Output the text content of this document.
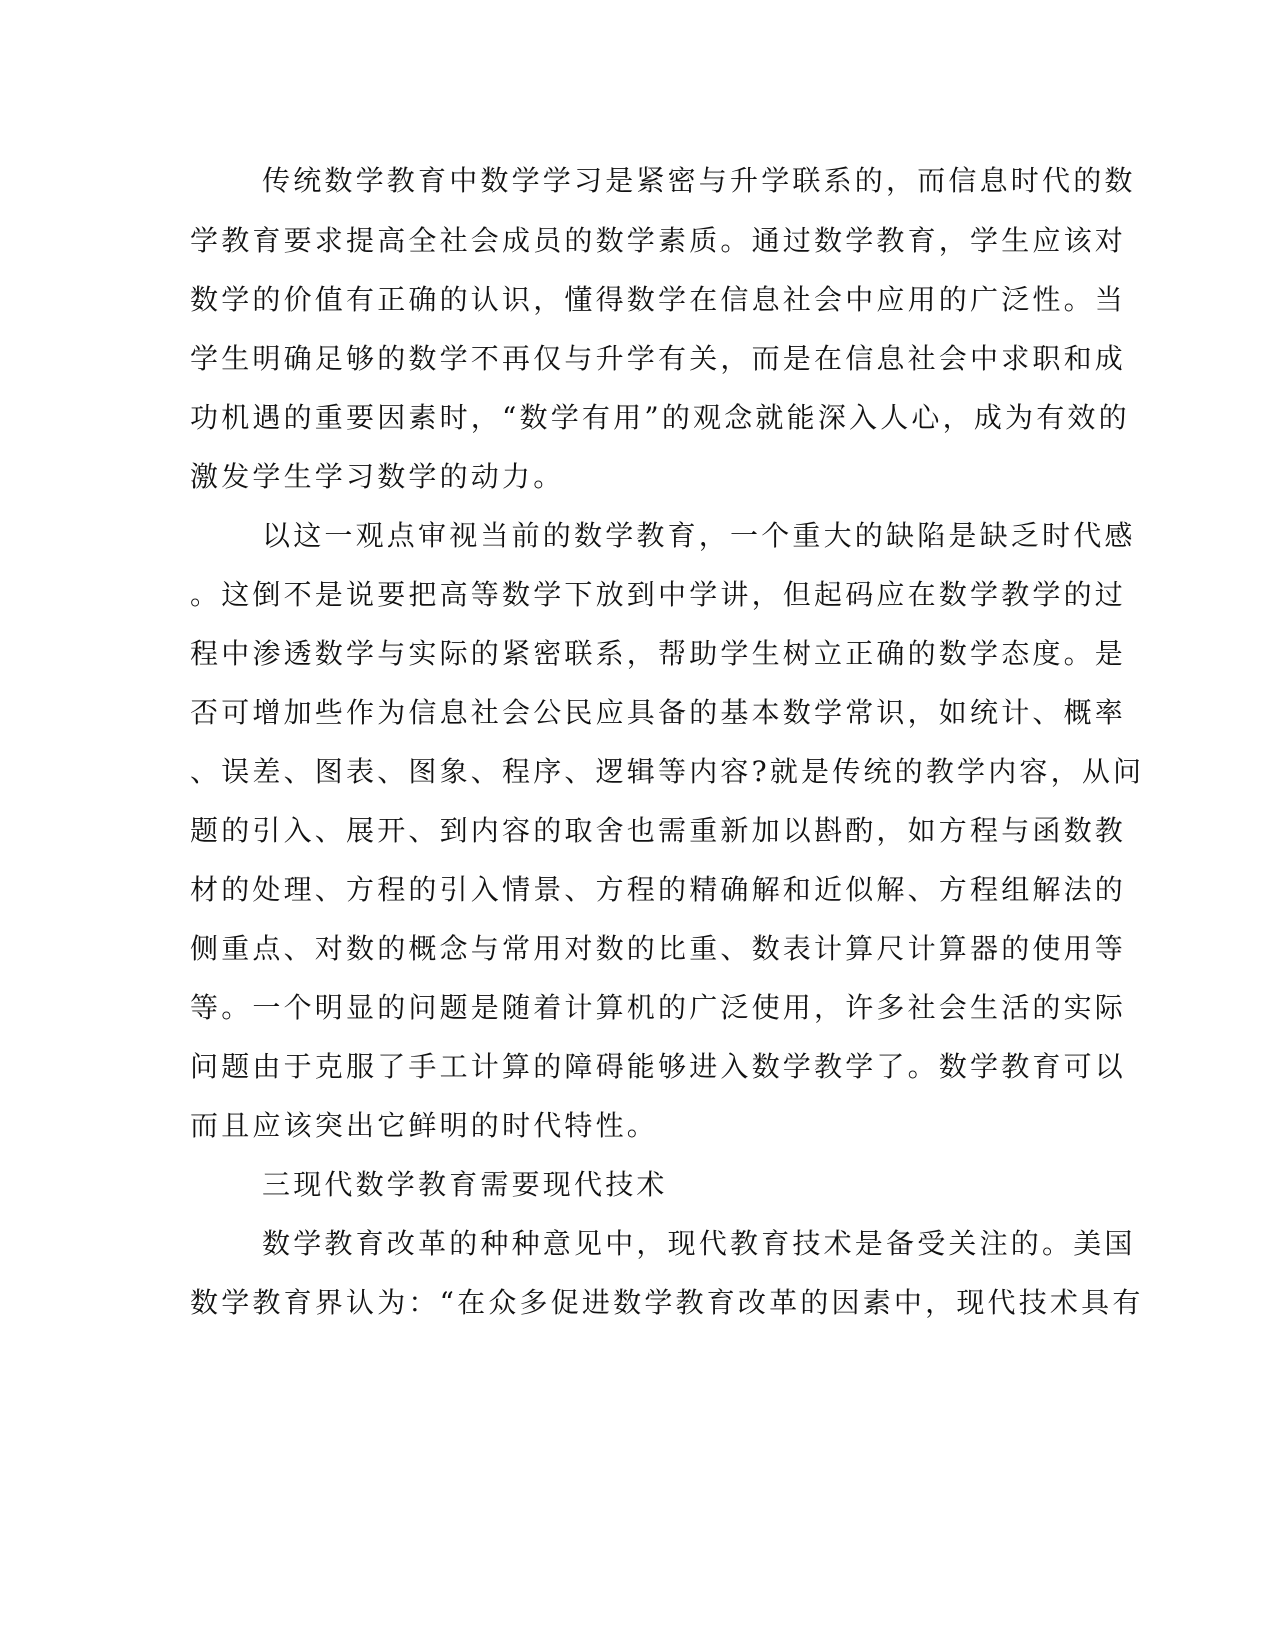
传统数学教育中数学学习是紧密与升学联系的，而信息时代的数
学教育要求提高全社会成员的数学素质。通过数学教育，学生应该对
数学的价值有正确的认识，懂得数学在信息社会中应用的广泛性。当
学生明确足够的数学不再仅与升学有关，而是在信息社会中求职和成
功机遇的重要因素时，“数学有用”的观念就能深入人心，成为有效的
激发学生学习数学的动力。
以这一观点审视当前的数学教育，一个重大的缺陷是缺乏时代感
。这倒不是说要把高等数学下放到中学讲，但起码应在数学教学的过
程中渗透数学与实际的紧密联系，帮助学生树立正确的数学态度。是
否可增加些作为信息社会公民应具备的基本数学常识，如统计、概率
、误差、图表、图象、程序、逻辑等内容?就是传统的教学内容，从问
题的引入、展开、到内容的取舍也需重新加以斟酌，如方程与函数教
材的处理、方程的引入情景、方程的精确解和近似解、方程组解法的
侧重点、对数的概念与常用对数的比重、数表计算尺计算器的使用等
等。一个明显的问题是随着计算机的广泛使用，许多社会生活的实际
问题由于克服了手工计算的障碍能够进入数学教学了。数学教育可以
而且应该突出它鲜明的时代特性。
三现代数学教育需要现代技术
数学教育改革的种种意见中，现代教育技术是备受关注的。美国
数学教育界认为：“在众多促进数学教育改革的因素中，现代技术具有
